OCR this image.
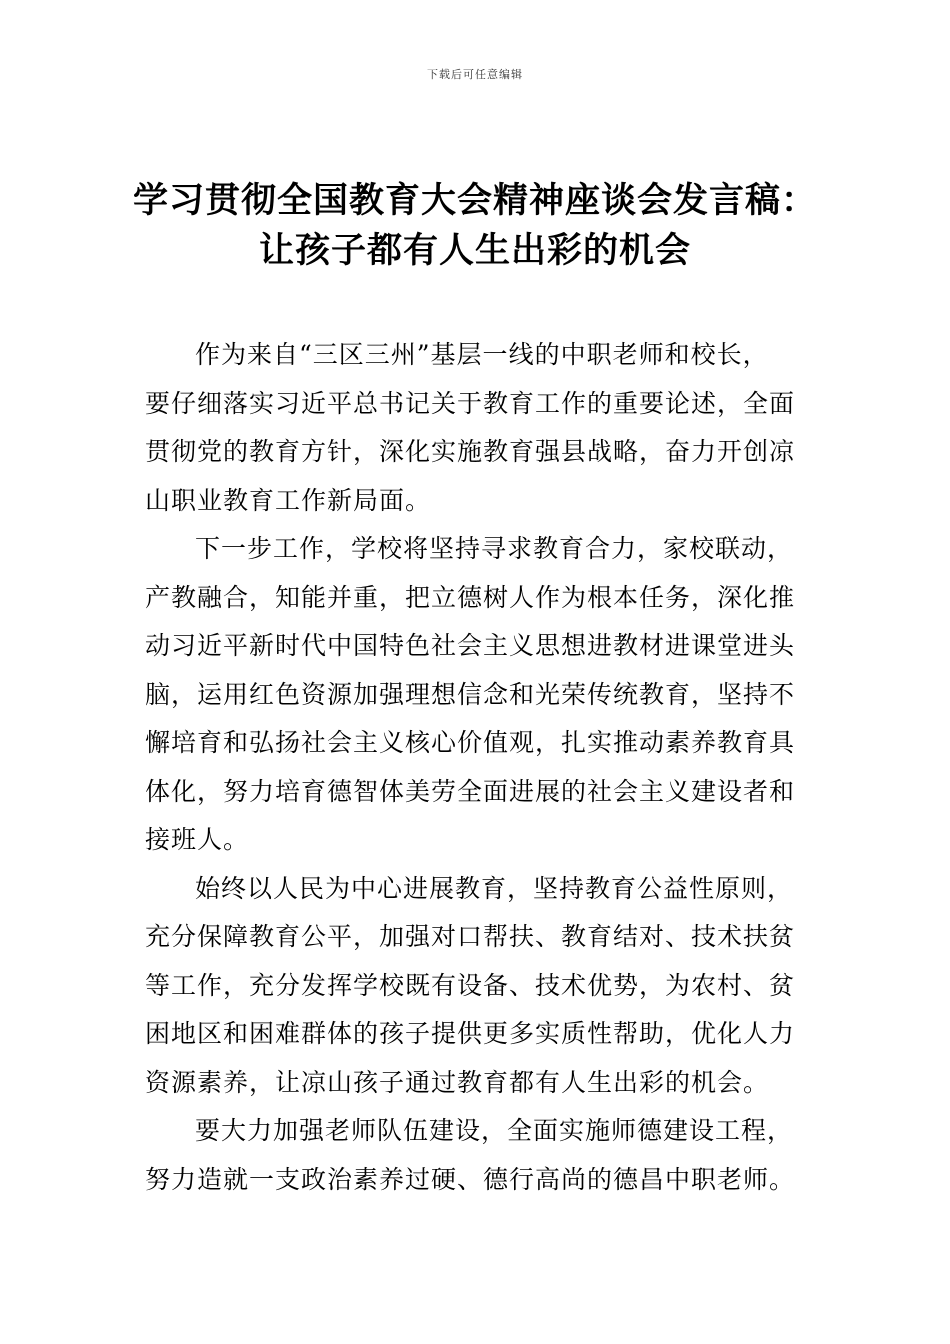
下载后可任意编辑
学习贯彻全国教育大会精神座谈会发言稿：
让孩子都有人生出彩的机会

作为来自“三区三州”基层一线的中职老师和校长，
要仔细落实习近平总书记关于教育工作的重要论述，全面
贯彻党的教育方针，深化实施教育强县战略，奋力开创凉
山职业教育工作新局面。

下一步工作，学校将坚持寻求教育合力，家校联动，
产教融合，知能并重，把立德树人作为根本任务，深化推
动习近平新时代中国特色社会主义思想进教材进课堂进头
脑，运用红色资源加强理想信念和光荣传统教育，坚持不
懈培育和弘扬社会主义核心价值观，扎实推动素养教育具
体化，努力培育德智体美劳全面进展的社会主义建设者和
接班人。

始终以人民为中心进展教育，坚持教育公益性原则，
充分保障教育公平，加强对口帮扶、教育结对、技术扶贫
等工作，充分发挥学校既有设备、技术优势，为农村、贫
困地区和困难群体的孩子提供更多实质性帮助，优化人力
资源素养，让凉山孩子通过教育都有人生出彩的机会。

要大力加强老师队伍建设，全面实施师德建设工程，
努力造就一支政治素养过硬、德行高尚的德昌中职老师。
